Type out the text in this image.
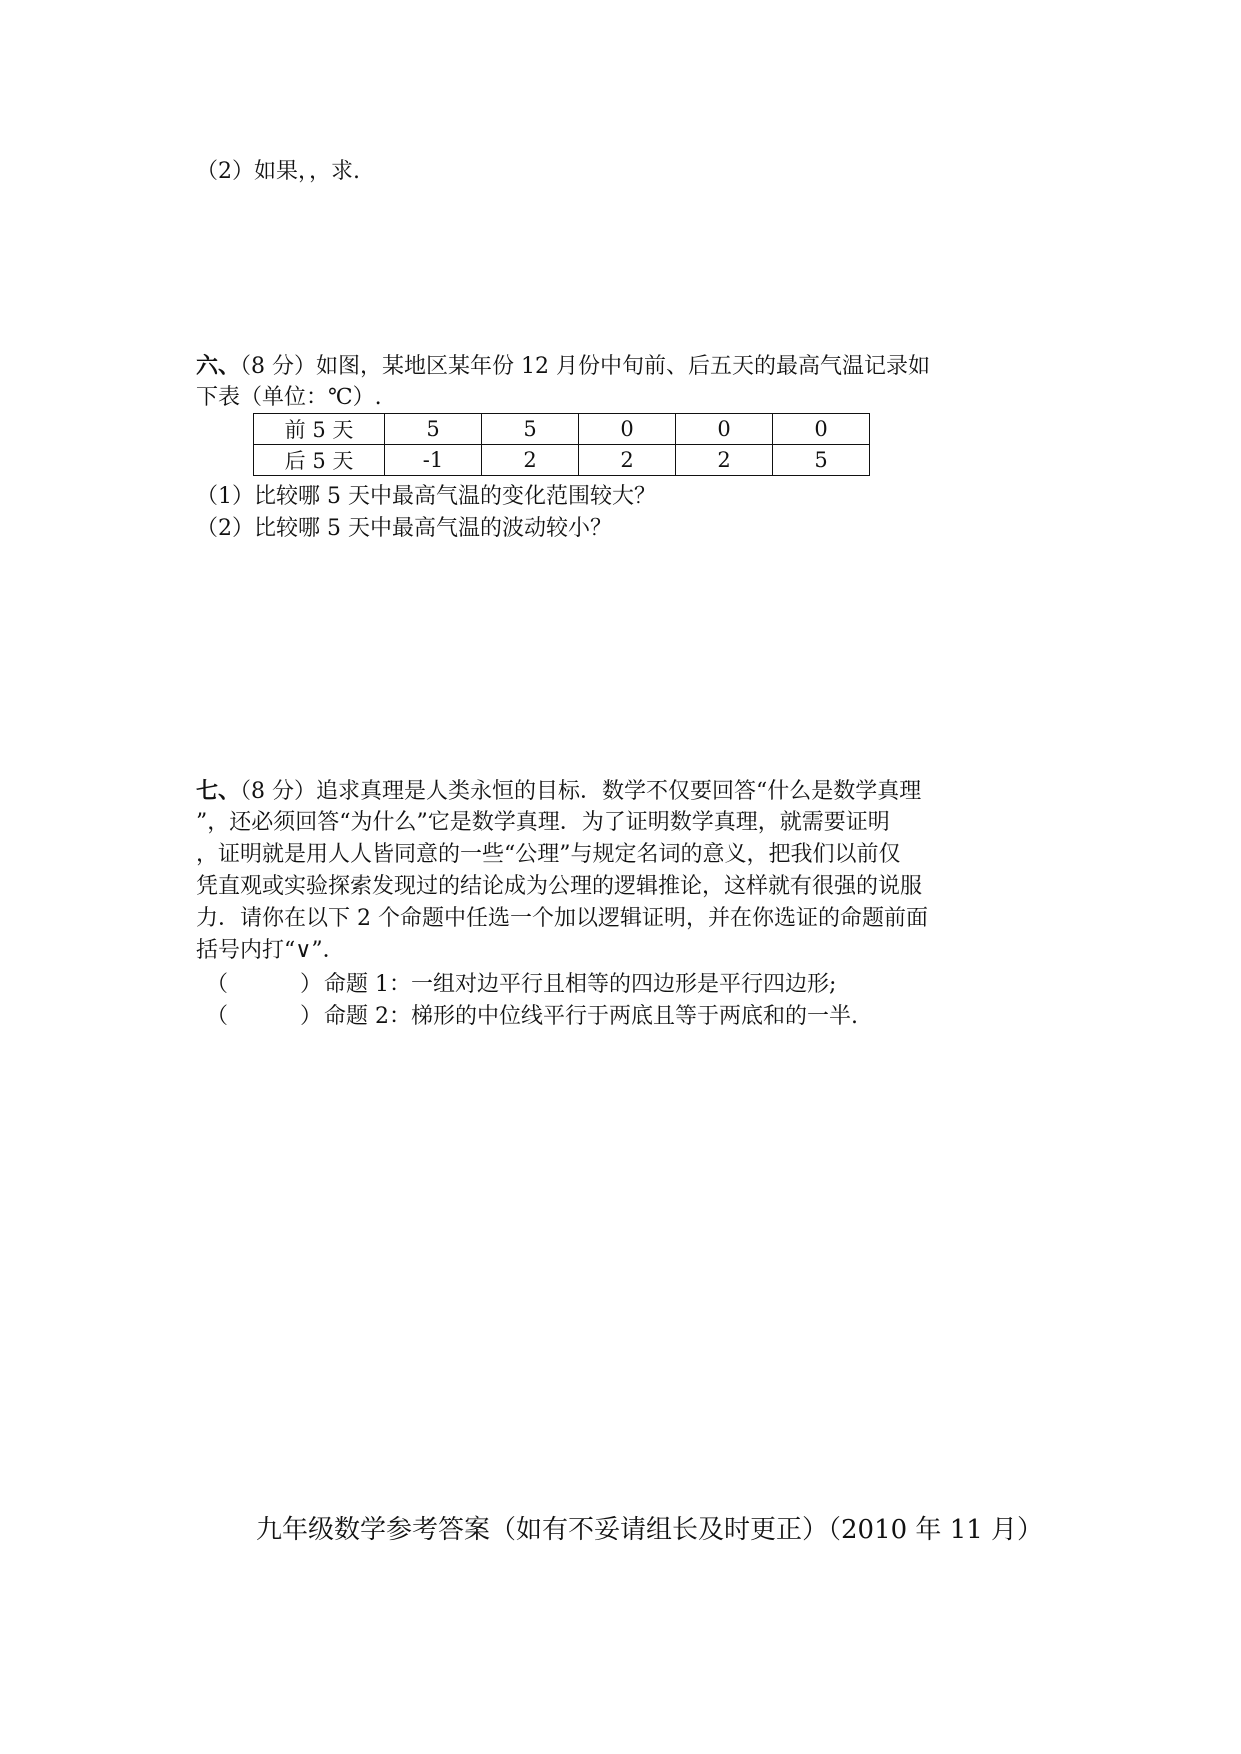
（2）如果，，求.
六、（8 分）如图，某地区某年份 12 月份中旬前、后五天的最高气温记录如
下表（单位：℃）.
前 5 天	5	5	0	0	0
后 5 天	-1	2	2	2	5
（1）比较哪 5 天中最高气温的变化范围较大？
（2）比较哪 5 天中最高气温的波动较小？
七、（8 分）追求真理是人类永恒的目标．数学不仅要回答“什么是数学真理
”，还必须回答“为什么”它是数学真理．为了证明数学真理，就需要证明
，证明就是用人人皆同意的一些“公理”与规定名词的意义，把我们以前仅
凭直观或实验探索发现过的结论成为公理的逻辑推论，这样就有很强的说服
力．请你在以下 2 个命题中任选一个加以逻辑证明，并在你选证的命题前面
括号内打“∨”．
（	） 命题 1：一组对边平行且相等的四边形是平行四边形;
（	） 命题 2：梯形的中位线平行于两底且等于两底和的一半.
九年级数学参考答案（如有不妥请组长及时更正）（2010 年 11 月）
